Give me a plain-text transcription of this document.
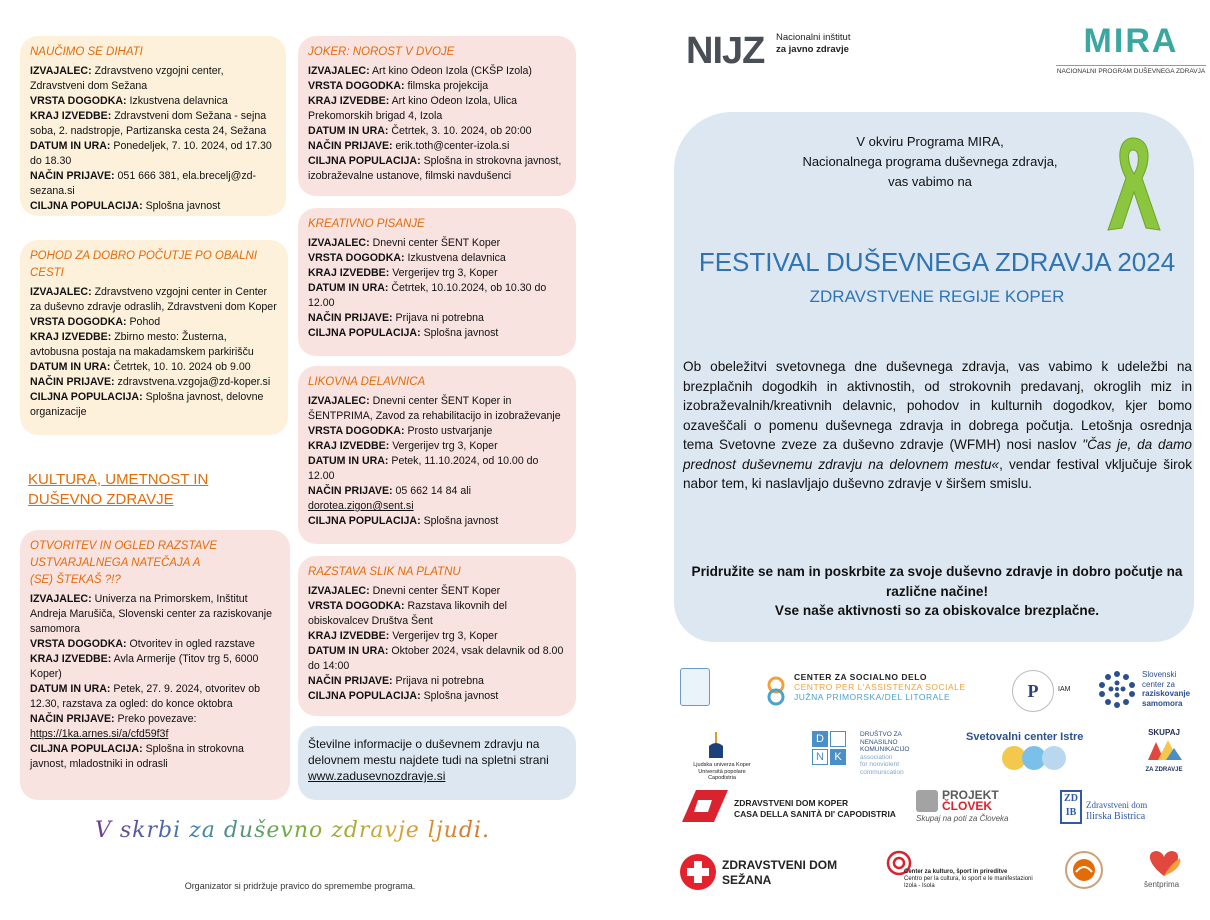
NAUČIMO SE DIHATI

IZVAJALEC: Zdravstveno vzgojni center, Zdravstveni dom Sežana

VRSTA DOGODKA: Izkustvena delavnica

KRAJ IZVEDBE: Zdravstveni dom Sežana - sejna soba, 2. nadstropje, Partizanska cesta 24, Sežana

DATUM IN URA: Ponedeljek, 7. 10. 2024, od 17.30 do 18.30

NAČIN PRIJAVE: 051 666 381, ela.brecelj@zd-sezana.si

CILJNA POPULACIJA: Splošna javnost

POHOD ZA DOBRO POČUTJE PO OBALNI CESTI

IZVAJALEC: Zdravstveno vzgojni center in Center za duševno zdravje odraslih, Zdravstveni dom Koper

VRSTA DOGODKA: Pohod

KRAJ IZVEDBE: Zbirno mesto: Žusterna, avtobusna postaja na makadamskem parkirišču

DATUM IN URA: Četrtek, 10. 10. 2024 ob 9.00

NAČIN PRIJAVE: zdravstvena.vzgoja@zd-koper.si

CILJNA POPULACIJA: Splošna javnost, delovne organizacije

KULTURA, UMETNOST IN DUŠEVNO ZDRAVJE
OTVORITEV IN OGLED RAZSTAVE USTVARJALNEGA NATEČAJA A (SE) ŠTEKAŠ ?!?

IZVAJALEC: Univerza na Primorskem, Inštitut Andreja Marušiča, Slovenski center za raziskovanje samomora

VRSTA DOGODKA: Otvoritev in ogled razstave

KRAJ IZVEDBE: Avla Armerije (Titov trg 5, 6000 Koper)

DATUM IN URA: Petek, 27. 9. 2024, otvoritev ob 12.30, razstava za ogled: do konce oktobra

NAČIN PRIJAVE: Preko povezave:

https://1ka.arnes.si/a/cfd59f3f

CILJNA POPULACIJA: Splošna in strokovna javnost, mladostniki in odrasli

JOKER: NOROST V DVOJE

IZVAJALEC: Art kino Odeon Izola (CKŠP Izola)

VRSTA DOGODKA: filmska projekcija

KRAJ IZVEDBE: Art kino Odeon Izola, Ulica Prekomorskih brigad 4, Izola

DATUM IN URA: Četrtek, 3. 10. 2024, ob 20:00

NAČIN PRIJAVE: erik.toth@center-izola.si

CILJNA POPULACIJA: Splošna in strokovna javnost, izobraževalne ustanove, filmski navdušenci

KREATIVNO PISANJE

IZVAJALEC: Dnevni center ŠENT Koper

VRSTA DOGODKA: Izkustvena delavnica

KRAJ IZVEDBE: Vergerijev trg 3, Koper

DATUM IN URA: Četrtek, 10.10.2024, ob 10.30 do 12.00

NAČIN PRIJAVE: Prijava ni potrebna

CILJNA POPULACIJA: Splošna javnost

LIKOVNA DELAVNICA

IZVAJALEC: Dnevni center ŠENT Koper in ŠENTPRIMA, Zavod za rehabilitacijo in izobraževanje

VRSTA DOGODKA: Prosto ustvarjanje

KRAJ IZVEDBE: Vergerijev trg 3, Koper

DATUM IN URA: Petek, 11.10.2024, od 10.00 do 12.00

NAČIN PRIJAVE: 05 662 14 84 ali

dorotea.zigon@sent.si

CILJNA POPULACIJA: Splošna javnost

RAZSTAVA SLIK NA PLATNU

IZVAJALEC: Dnevni center ŠENT Koper

VRSTA DOGODKA: Razstava likovnih del obiskovalcev Društva Šent

KRAJ IZVEDBE: Vergerijev trg 3, Koper

DATUM IN URA: Oktober 2024, vsak delavnik od 8.00 do 14:00

NAČIN PRIJAVE: Prijava ni potrebna

CILJNA POPULACIJA: Splošna javnost

Številne informacije o duševnem zdravju na delovnem mestu najdete tudi na spletni strani
www.zadusevnozdravje.si
V skrbi za duševno zdravje ljudi.
Organizator si pridržuje pravico do spremembe programa.
NIJZ Nacionalni inštitut
za javno zdravje	MIRA
NACIONALNI PROGRAM DUŠEVNEGA ZDRAVJA
V okviru Programa MIRA,
Nacionalnega programa duševnega zdravja,
vas vabimo na
FESTIVAL DUŠEVNEGA ZDRAVJA 2024
ZDRAVSTVENE REGIJE KOPER
Ob obeležitvi svetovnega dne duševnega zdravja, vas vabimo k udeležbi na brezplačnih dogodkih in aktivnostih, od strokovnih predavanj, okroglih miz in izobraževalnih/kreativnih delavnic, pohodov in kulturnih dogodkov, kjer bomo ozaveščali o pomenu duševnega zdravja in dobrega počutja. Letošnja osrednja tema Svetovne zveze za duševno zdravje (WFMH) nosi naslov "Čas je, da damo prednost duševnemu zdravju na delovnem mestu«, vendar festival vključuje širok nabor tem, ki naslavljajo duševno zdravje v širšem smislu.
Pridružite se nam in poskrbite za svoje duševno zdravje in dobro počutje na različne načine!
Vse naše aktivnosti so za obiskovalce brezplačne.
CENTER ZA SOCIALNO DELO
CENTRO PER L'ASSISTENZA SOCIALE
JUŽNA PRIMORSKA/DEL LITORALE	P	IAM
Slovenski
center za
raziskovanje
samomora
Ljudska univerza Koper
Università popolare Capodistria
D
N K
DRUŠTVO ZA
NENASILNO
KOMUNIKACIJO
association
for nonviolent
communication
Svetovalni center Istre	SKUPAJ
ZA ZDRAVJE
ZDRAVSTVENI DOM KOPER
CASA DELLA SANITÀ DI' CAPODISTRIA
PROJEKT
ČLOVEK
Skupaj na poti za Človeka
ZD IB
Zdravstveni dom
Ilirska Bistrica
ZDRAVSTVENI DOM
SEŽANA
Center za kulturo, šport in prireditve
Centro per la cultura, lo sport e le manifestazioni
Izola - Isola	šentprima
